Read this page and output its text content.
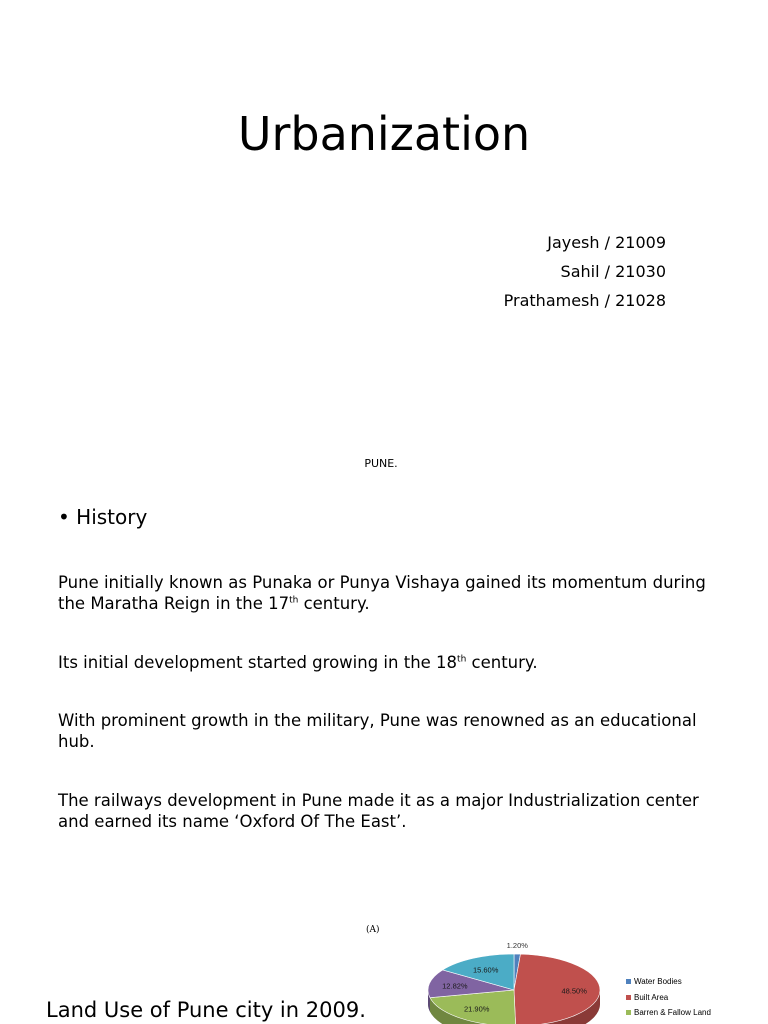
Urbanization
Jayesh / 21009
Sahil / 21030
Prathamesh / 21028
PUNE.
• History
Pune initially known as Punaka or Punya Vishaya gained its momentum during the Maratha Reign in the 17th century.
Its initial development started growing in the 18th century.
With prominent growth in the military, Pune was renowned as an educational hub.
The railways development in Pune made it as a major Industrialization center and earned its name ‘Oxford Of The East’.
(A)
1.20%
48.50%
21.90%
12.82%
15.60%
Water Bodies
Built Area
Barren & Fallow Land
Land Use of Pune city in 2009.
